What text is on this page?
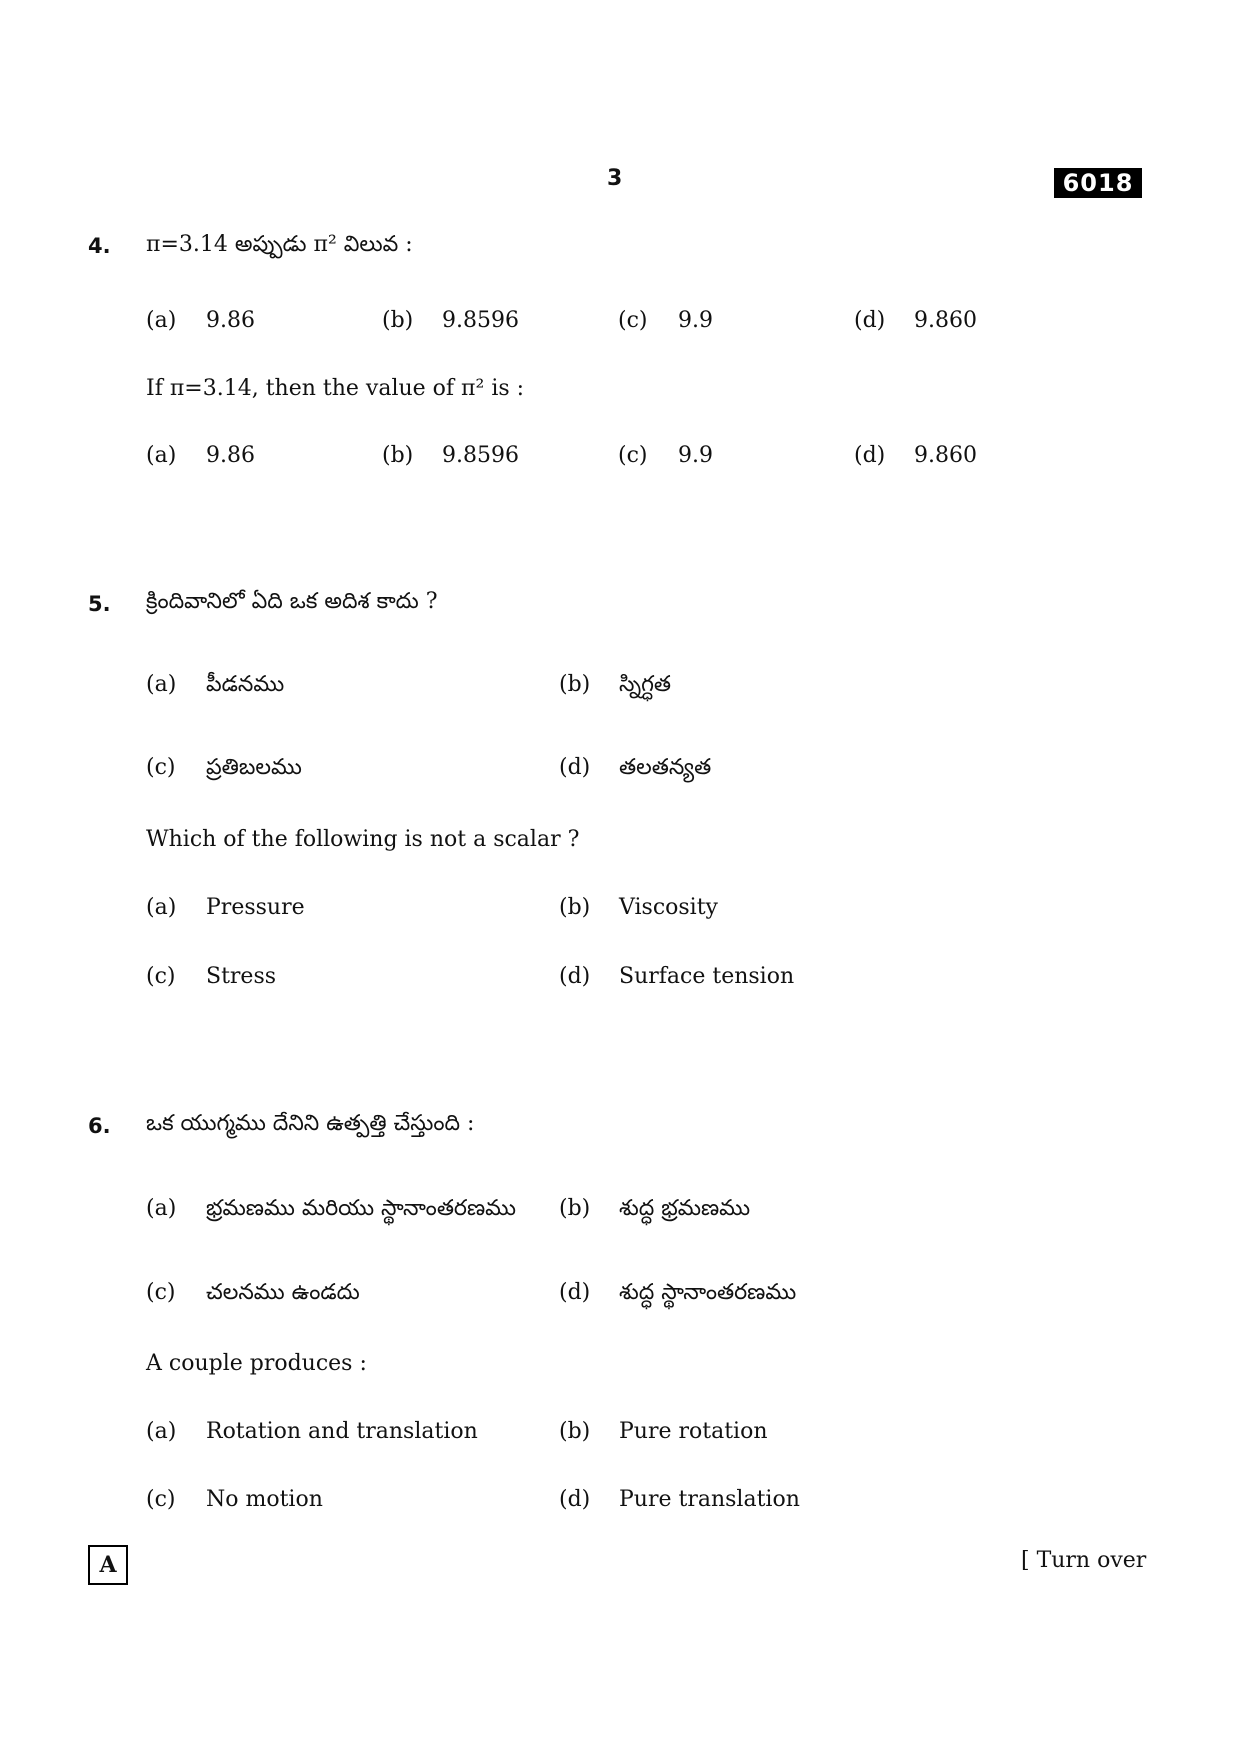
3	6018
4. π=3.14 అప్పుడు π² విలువ :
(a) 9.86	(b) 9.8596	(c) 9.9	(d) 9.860
If π=3.14, then the value of π² is :
(a) 9.86	(b) 9.8596	(c) 9.9	(d) 9.860
5. క్రిందివానిలో ఏది ఒక అదిశ కాదు ?
(a) పీడనము	(b) స్నిగ్ధత
(c) ప్రతిబలము	(d) తలతన్యత
Which of the following is not a scalar ?
(a) Pressure	(b) Viscosity
(c) Stress	(d) Surface tension
6. ఒక యుగ్మము దేనిని ఉత్పత్తి చేస్తుంది :
(a) భ్రమణము మరియు స్థానాంతరణము (b) శుద్ధ భ్రమణము
(c) చలనము ఉండదు	(d) శుద్ధ స్థానాంతరణము
A couple produces :
(a) Rotation and translation	(b) Pure rotation
(c) No motion	(d) Pure translation
A	[ Turn over
